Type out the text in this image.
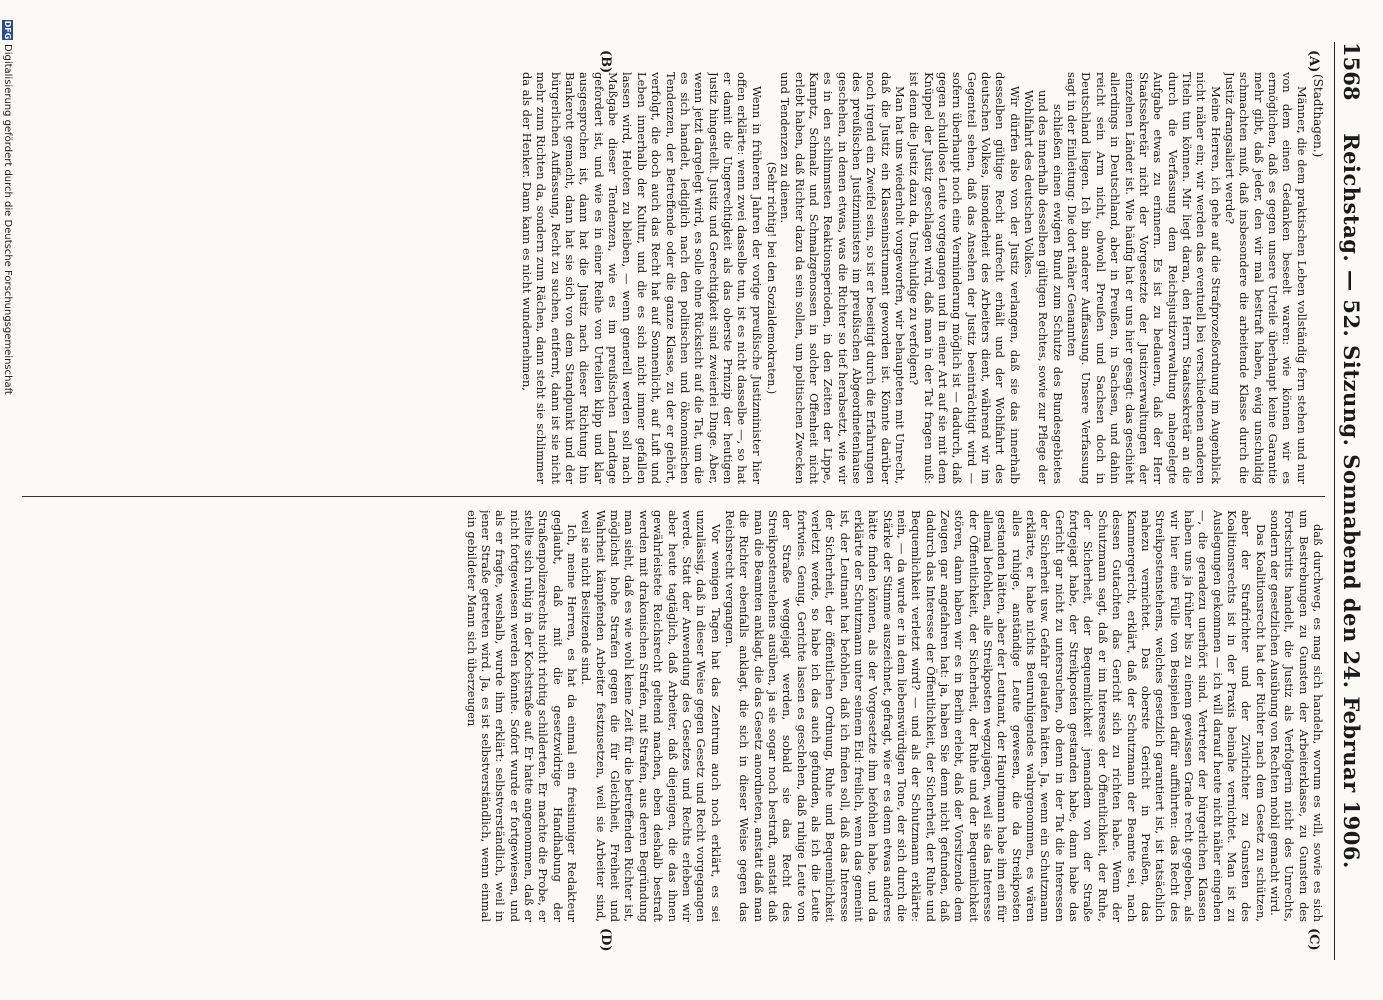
1568
Reichstag. — 52. Sitzung. Sonnabend den 24. Februar 1906.
(A)
(B)
(C)
(D)
(Stadthagen.)

Männer, die dem praktischen Leben vollständig fern stehen und nur von dem einen Gedanken beseelt waren: wie können wir es ermöglichen, daß es gegen unsere Urteile überhaupt keine Garantie mehr gibt, daß jeder, den wir mal bestraft haben, ewig unschuldig schmachten muß, daß insbesondere die arbeitende Klasse durch die Justiz drangsaliert werde?

Meine Herren, ich gehe auf die Strafprozeßordnung im Augenblick nicht näher ein; wir werden das eventuell bei verschiedenen anderen Titeln tun können. Mir liegt daran, den Herrn Staatssekretär an die durch die Verfassung dem Reichsjustizverwaltung nahegelegte Aufgabe etwas zu erinnern. Es ist zu bedauern, daß der Herr Staatssekretär nicht der Vorgesetzte der Justizverwaltungen der einzelnen Länder ist. Wie häufig hat er uns hier gesagt: das geschieht allerdings in Deutschland, aber in Preußen, in Sachsen, und dahin reicht sein Arm nicht, obwohl Preußen und Sachsen doch in Deutschland liegen. Ich bin anderer Auffassung. Unsere Verfassung sagt in der Einleitung: Die dort näher Genannten

schließen einen ewigen Bund zum Schutze des Bundesgebietes und des innerhalb desselben gültigen Rechtes, sowie zur Pflege der Wohlfahrt des deutschen Volkes.

Wir dürfen also von der Justiz verlangen, daß sie das innerhalb desselben gültige Recht aufrecht erhält und der Wohlfahrt des deutschen Volkes, insonderheit des Arbeiters dient, während wir im Gegenteil sehen, daß das Ansehen der Justiz beeinträchtigt wird — sofern überhaupt noch eine Verminderung möglich ist — dadurch, daß gegen schuldlose Leute vorgegangen und in einer Art auf sie mit dem Knüppel der Justiz geschlagen wird, daß man in der Tat fragen muß: ist denn die Justiz dazu da, Unschuldige zu verfolgen?

Man hat uns wiederholt vorgeworfen, wir behaupteten mit Unrecht, daß die Justiz ein Klasseninstrument geworden ist. Könnte darüber noch irgend ein Zweifel sein, so ist er beseitigt durch die Erfahrungen des preußischen Justizministers im preußischen Abgeordnetenhause geschehen, in denen etwas, was die Richter so tief herabsetzt, wie wir es in den schlimmsten Reaktionsperioden, in den Zeiten der Lippe, Kamptz, Schmalz und Schmalzgenossen in solcher Offenheit nicht erlebt haben, daß Richter dazu da sein sollen, um politischen Zwecken und Tendenzen zu dienen.

(Sehr richtig! bei den Sozialdemokraten.)

Wenn in früheren Jahren der vorige preußische Justizminister hier offen erklärte: wenn zwei dasselbe tun, ist es nicht dasselbe —, so hat er damit die Ungerechtigkeit als das oberste Prinzip der heutigen Justiz hingestellt. Justiz und Gerechtigkeit sind zweierlei Dinge. Aber, wenn jetzt dargelegt wird, es solle ohne Rücksicht auf die Tat, um die es sich handelt, lediglich nach den politischen und ökonomischen Tendenzen, der Betreffende oder die ganze Klasse, zu der er gehört, verfolgt, die doch auch das Recht hat auf Sonnenlicht, auf Luft und Leben innerhalb der Kultur, und die es sich nicht immer gefallen lassen wird, Heloten zu bleiben, — wenn generell werden soll nach Maßgabe dieser Tendenzen, wie es im preußischen Landtage gefordert ist, und wie es in einer Reihe von Urteilen klipp und klar ausgesprochen ist, dann hat die Justiz nach dieser Richtung hin Bankerott gemacht, dann hat sie sich von dem Standpunkt und der bürgerlichen Auffassung, Recht zu suchen, entfernt, dann ist sie nicht mehr zum Richten da, sondern zum Rächen, dann steht sie schlimmer da als der Henker. Dann kann es nicht wundernehmen,

daß durchweg, es mag sich handeln, worum es will, sowie es sich um Bestrebungen zu Gunsten der Arbeiterklasse, zu Gunsten des Fortschritts handelt, die Justiz als Verfolgerin nicht des Unrechts, sondern der gesetzlichen Ausübung von Rechten mobil gemacht wird.

Das Koalitionsrecht hat der Richter nach dem Gesetz zu schützen, aber der Strafrichter und der Zivilrichter zu Gunsten des Koalitionsrechts ist in der Praxis beinahe vernichtet. Man ist zu Auslegungen gekommen — ich will darauf heute nicht näher eingehen —, die geradezu unerhört sind. Vertreter der bürgerlichen Klassen haben uns ja früher bis zu einem gewissen Grade recht gegeben, als wir hier eine Fülle von Beispielen dafür aufführten: das Recht des Streikpostenstehens, welches gesetzlich garantiert ist, ist tatsächlich nahezu vernichtet. Das oberste Gericht in Preußen, das Kammergericht, erklärt, daß der Schutzmann der Beamte sei, nach dessen Gutachten das Gericht sich zu richten habe. Wenn der Schutzmann sagt, daß er im Interesse der Öffentlichkeit, der Ruhe, der Sicherheit, der Bequemlichkeit jemandem von der Straße fortgejagt habe, der Streikposten gestanden habe, dann habe das Gericht gar nicht zu untersuchen, ob denn in der Tat die Interessen der Sicherheit usw. Gefahr gelaufen hätten. Ja, wenn ein Schutzmann erklärte, er habe nichts Beunruhigendes wahrgenommen, es wären alles ruhige, anständige Leute gewesen, die da Streikposten gestanden hätten, aber der Leutnant, der Hauptmann habe ihm ein für allemal befohlen, alle Streikposten wegzujagen, weil sie das Interesse der Öffentlichkeit, der Sicherheit, der Ruhe und der Bequemlichkeit stören, dann haben wir es in Berlin erlebt, daß der Vorsitzende dem Zeugen gar angefahren hat: ja, haben Sie denn nicht gefunden, daß dadurch das Interesse der Öffentlichkeit, der Sicherheit, der Ruhe und Bequemlichkeit verletzt wird? — und als der Schutzmann erklärte: nein, — da wurde er in dem liebenswürdigen Tone, der sich durch die Stärke der Stimme auszeichnet, gefragt, wie er es denn etwas anderes hätte finden können, als der Vorgesetzte ihm befohlen habe, und da erklärte der Schutzmann unter seinem Eid: freilich, wenn das gemeint ist, der Leutnant hat befohlen, daß ich finden soll, daß das Interesse der Sicherheit, der öffentlichen Ordnung, Ruhe und Bequemlichkeit verletzt werde, so habe ich das auch gefunden, als ich die Leute fortwies. Genug, Gerichte lassen es geschehen, daß ruhige Leute von der Straße weggejagt werden, sobald sie das Recht des Streikpostenstehens ausüben, ja sie sogar noch bestraft, anstatt daß man die Beamten anklagt, die das Gesetz anordneten, anstatt daß man die Richter ebenfalls anklagt, die sich in dieser Weise gegen das Reichsrecht vergangen.

Vor wenigen Tagen hat das Zentrum auch noch erklärt, es sei unzulässig, daß in dieser Weise gegen Gesetz und Recht vorgegangen werde. Statt der Anwendung des Gesetzes und Rechts erleben wir aber heute tagtäglich, daß Arbeiter, daß diejenigen, die das ihnen gewährleistete Reichsrecht geltend machen, eben deshalb bestraft werden mit drakonischen Strafen, mit Strafen, aus deren Begründung man sieht, daß es wie wohl keine Zeit für die betreffenden Richter ist, möglichst hohe Strafen gegen die für Gleichheit, Freiheit und Wahrheit kämpfenden Arbeiter festzusetzen, weil sie Arbeiter sind, weil sie nicht Besitzende sind.

Ich, meine Herren, es hat da einmal ein freisinniger Redakteur geglaubt, daß mit die gesetzwidrige Handhabung der Straßenpolizeirechts nicht richtig schilderten. Er machte die Probe, er stellte sich ruhig in der Kochstraße auf. Er hatte angenommen, daß er nicht fortgewiesen werden könnte. Sofort wurde er fortgewiesen, und als er fragte, weshalb, wurde ihm erklärt: selbstverständlich, weil in jener Straße getreten wird. Ja, es ist selbstverständlich, wenn einmal ein gebildeter Mann sich überzeugen

DFG
Digitalisierung gefördert durch die Deutsche Forschungsgemeinschaft
